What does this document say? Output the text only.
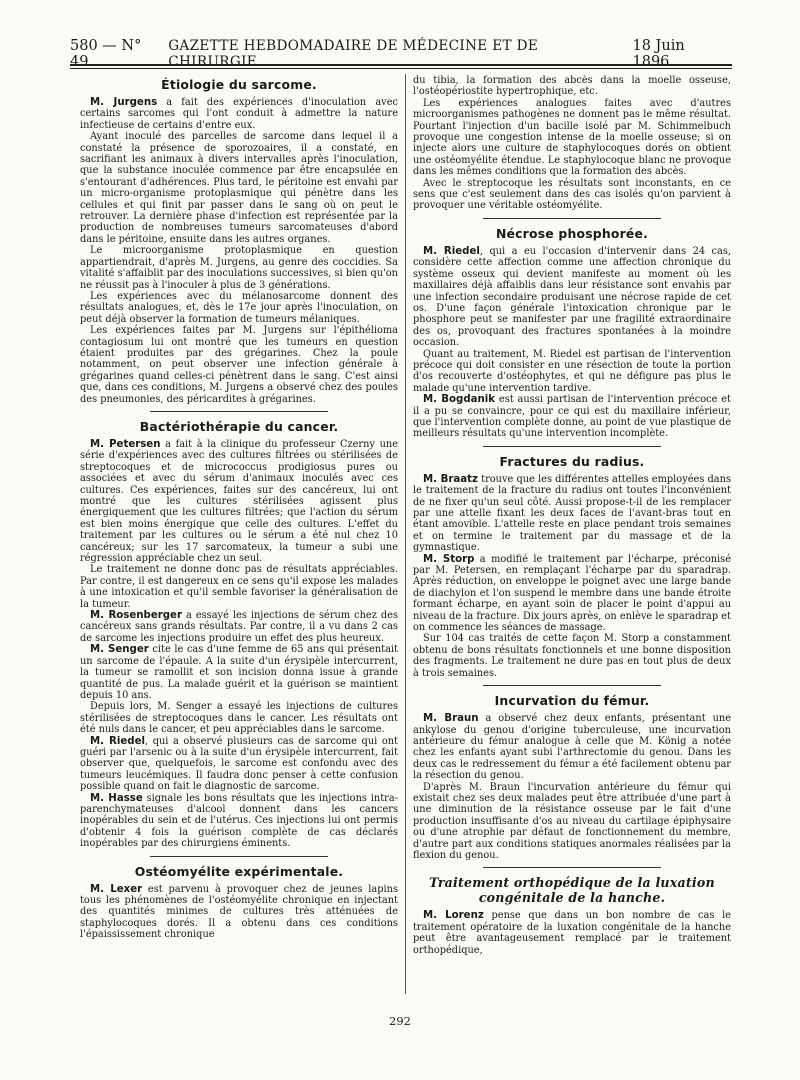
580 — N° 49.
GAZETTE HEBDOMADAIRE DE MÉDECINE ET DE CHIRURGIE.
18 Juin 1896.
Étiologie du sarcome.

M. Jurgens a fait des expériences d'inoculation avec certains sarcomes qui l'ont conduit à admettre la nature infectieuse de certains d'entre eux.

Ayant inoculé des parcelles de sarcome dans lequel il a constaté la présence de sporozoaires, il a constaté, en sacrifiant les animaux à divers intervalles après l'inoculation, que la substance inoculée commence par être encapsulée en s'entourant d'adhérences. Plus tard, le péritoine est envahi par un micro-organisme protoplasmique qui pénètre dans les cellules et qui finit par passer dans le sang où on peut le retrouver. La dernière phase d'infection est représentée par la production de nombreuses tumeurs sarcomateuses d'abord dans le péritoine, ensuite dans les autres organes.

Le microorganisme protoplasmique en question appartiendrait, d'après M. Jurgens, au genre des coccidies. Sa vitalité s'affaiblit par des inoculations successives, si bien qu'on ne réussit pas à l'inoculer à plus de 3 générations.

Les expériences avec du mélanosarcome donnent des résultats analogues, et, dès le 17e jour après l'inoculation, on peut déjà observer la formation de tumeurs mélaniques.

Les expériences faites par M. Jurgens sur l'épithélioma contagiosum lui ont montré que les tumeurs en question étaient produites par des grégarines. Chez la poule notamment, on peut observer une infection générale à grégarines quand celles-ci pénètrent dans le sang. C'est ainsi que, dans ces conditions, M. Jurgens a observé chez des poules des pneumonies, des péricardites à grégarines.

Bactériothérapie du cancer.

M. Petersen a fait à la clinique du professeur Czerny une série d'expériences avec des cultures filtrées ou stérilisées de streptocoques et de micrococcus prodigiosus pures ou associées et avec du sérum d'animaux inoculés avec ces cultures. Ces expériences, faites sur des cancéreux, lui ont montré que les cultures stérilisées agissent plus énergiquement que les cultures filtrées; que l'action du sérum est bien moins énergique que celle des cultures. L'effet du traitement par les cultures ou le sérum a été nul chez 10 cancéreux; sur les 17 sarcomateux, la tumeur a subi une régression appréciable chez un seul.

Le traitement ne donne donc pas de résultats appréciables. Par contre, il est dangereux en ce sens qu'il expose les malades à une intoxication et qu'il semble favoriser la généralisation de la tumeur.

M. Rosenberger a essayé les injections de sérum chez des cancéreux sans grands résultats. Par contre, il a vu dans 2 cas de sarcome les injections produire un effet des plus heureux.

M. Senger cite le cas d'une femme de 65 ans qui présentait un sarcome de l'épaule. A la suite d'un érysipèle intercurrent, la tumeur se ramollit et son incision donna issue à grande quantité de pus. La malade guérit et la guérison se maintient depuis 10 ans.

Depuis lors, M. Senger a essayé les injections de cultures stérilisées de streptocoques dans le cancer. Les résultats ont été nuls dans le cancer, et peu appréciables dans le sarcome.

M. Riedel, qui a observé plusieurs cas de sarcome qui ont guéri par l'arsenic ou à la suite d'un érysipèle intercurrent, fait observer que, quelquefois, le sarcome est confondu avec des tumeurs leucémiques. Il faudra donc penser à cette confusion possible quand on fait le diagnostic de sarcome.

M. Hasse signale les bons résultats que les injections intra-parenchymateuses d'alcool donnent dans les cancers inopérables du sein et de l'utérus. Ces injections lui ont permis d'obtenir 4 fois la guérison complète de cas déclarés inopérables par des chirurgiens éminents.

Ostéomyélite expérimentale.

M. Lexer est parvenu à provoquer chez de jeunes lapins tous les phénomènes de l'ostéomyélite chronique en injectant des quantités minimes de cultures très atténuées de staphylocoques dorés. Il a obtenu dans ces conditions l'épaississement chronique

du tibia, la formation des abcès dans la moelle osseuse, l'ostéopériostite hypertrophique, etc.

Les expériences analogues faites avec d'autres microorganismes pathogènes ne donnent pas le même résultat. Pourtant l'injection d'un bacille isolé par M. Schimmelbuch provoque une congestion intense de la moelle osseuse; si on injecte alors une culture de staphylocoques dorés on obtient une ostéomyélite étendue. Le staphylocoque blanc ne provoque dans les mêmes conditions que la formation des abcès.

Avec le streptocoque les résultats sont inconstants, en ce sens que c'est seulement dans des cas isolés qu'on parvient à provoquer une véritable ostéomyélite.

Nécrose phosphorée.

M. Riedel, qui a eu l'occasion d'intervenir dans 24 cas, considère cette affection comme une affection chronique du système osseux qui devient manifeste au moment où les maxillaires déjà affaiblis dans leur résistance sont envahis par une infection secondaire produisant une nécrose rapide de cet os. D'une façon générale l'intoxication chronique par le phosphore peut se manifester par une fragilité extraordinaire des os, provoquant des fractures spontanées à la moindre occasion.

Quant au traitement, M. Riedel est partisan de l'intervention précoce qui doit consister en une résection de toute la portion d'os recouverte d'ostéophytes, et qui ne défigure pas plus le malade qu'une intervention tardive.

M. Bogdanik est aussi partisan de l'intervention précoce et il a pu se convaincre, pour ce qui est du maxillaire inférieur, que l'intervention complète donne, au point de vue plastique de meilleurs résultats qu'une intervention incomplète.

Fractures du radius.

M. Braatz trouve que les différentes attelles employées dans le traitement de la fracture du radius ont toutes l'inconvénient de ne fixer qu'un seul côté. Aussi propose-t-il de les remplacer par une attelle fixant les deux faces de l'avant-bras tout en étant amovible. L'attelle reste en place pendant trois semaines et on termine le traitement par du massage et de la gymnastique.

M. Storp a modifié le traitement par l'écharpe, préconisé par M. Petersen, en remplaçant l'écharpe par du sparadrap. Après réduction, on enveloppe le poignet avec une large bande de diachylon et l'on suspend le membre dans une bande étroite formant écharpe, en ayant soin de placer le point d'appui au niveau de la fracture. Dix jours après, on enlève le sparadrap et on commence les séances de massage.

Sur 104 cas traités de cette façon M. Storp a constamment obtenu de bons résultats fonctionnels et une bonne disposition des fragments. Le traitement ne dure pas en tout plus de deux à trois semaines.

Incurvation du fémur.

M. Braun a observé chez deux enfants, présentant une ankylose du genou d'origine tuberculeuse, une incurvation antérieure du fémur analogue à celle que M. König a notée chez les enfants ayant subi l'arthrectomie du genou. Dans les deux cas le redressement du fémur a été facilement obtenu par la résection du genou.

D'après M. Braun l'incurvation antérieure du fémur qui existait chez ses deux malades peut être attribuée d'une part à une diminution de la résistance osseuse par le fait d'une production insuffisante d'os au niveau du cartilage épiphysaire ou d'une atrophie par défaut de fonctionnement du membre, d'autre part aux conditions statiques anormales réalisées par la flexion du genou.

Traitement orthopédique de la luxation congénitale de la hanche.

M. Lorenz pense que dans un bon nombre de cas le traitement opératoire de la luxation congénitale de la hanche peut être avantageusement remplacé par le traitement orthopédique,

292
